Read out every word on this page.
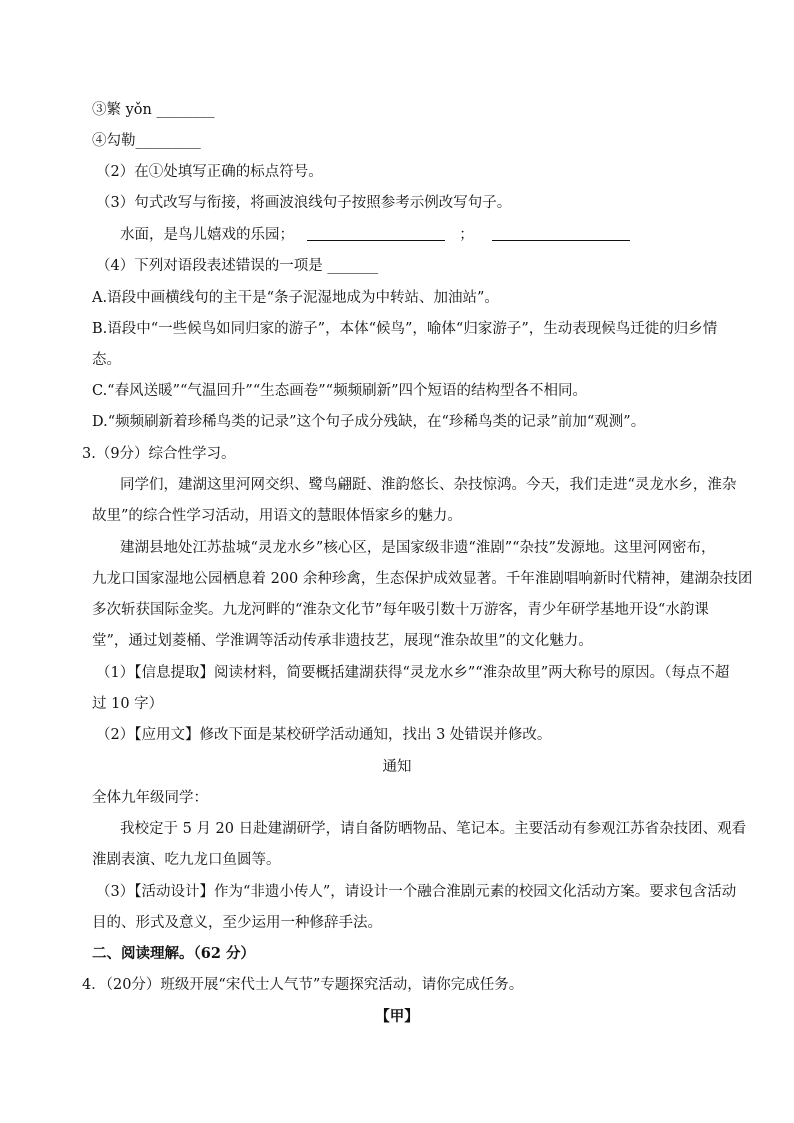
③繁 yǒn ________
④勾勒_________
（2）在①处填写正确的标点符号。
（3）句式改写与衔接，将画波浪线句子按照参考示例改写句子。
水面，是鸟儿嬉戏的乐园；	；
（4）下列对语段表述错误的一项是 _______
A.语段中画横线句的主干是“条子泥湿地成为中转站、加油站”。
B.语段中“一些候鸟如同归家的游子”，本体“候鸟”，喻体“归家游子”，生动表现候鸟迁徙的归乡情
态。
C.“春风送暖”“气温回升”“生态画卷”“频频刷新”四个短语的结构型各不相同。
D.“频频刷新着珍稀鸟类的记录”这个句子成分残缺，在“珍稀鸟类的记录”前加“观测”。
3.（9分）综合性学习。
同学们，建湖这里河网交织、鹭鸟翩跹、淮韵悠长、杂技惊鸿。今天，我们走进“灵龙水乡，淮杂
故里”的综合性学习活动，用语文的慧眼体悟家乡的魅力。
建湖县地处江苏盐城“灵龙水乡”核心区，是国家级非遗“淮剧”“杂技”发源地。这里河网密布，
九龙口国家湿地公园栖息着 200 余种珍禽，生态保护成效显著。千年淮剧唱响新时代精神，建湖杂技团
多次斩获国际金奖。九龙河畔的“淮杂文化节”每年吸引数十万游客，青少年研学基地开设“水韵课
堂”，通过划菱桶、学淮调等活动传承非遗技艺，展现“淮杂故里”的文化魅力。
（1）【信息提取】阅读材料，简要概括建湖获得“灵龙水乡”“淮杂故里”两大称号的原因。（每点不超
过 10 字）
（2）【应用文】修改下面是某校研学活动通知，找出 3 处错误并修改。
通知
全体九年级同学：
我校定于 5 月 20 日赴建湖研学，请自备防晒物品、笔记本。主要活动有参观江苏省杂技团、观看
淮剧表演、吃九龙口鱼圆等。
（3）【活动设计】作为“非遗小传人”，请设计一个融合淮剧元素的校园文化活动方案。要求包含活动
目的、形式及意义，至少运用一种修辞手法。
二、阅读理解。（62 分）
4．（20分）班级开展“宋代士人气节”专题探究活动，请你完成任务。
【甲】
